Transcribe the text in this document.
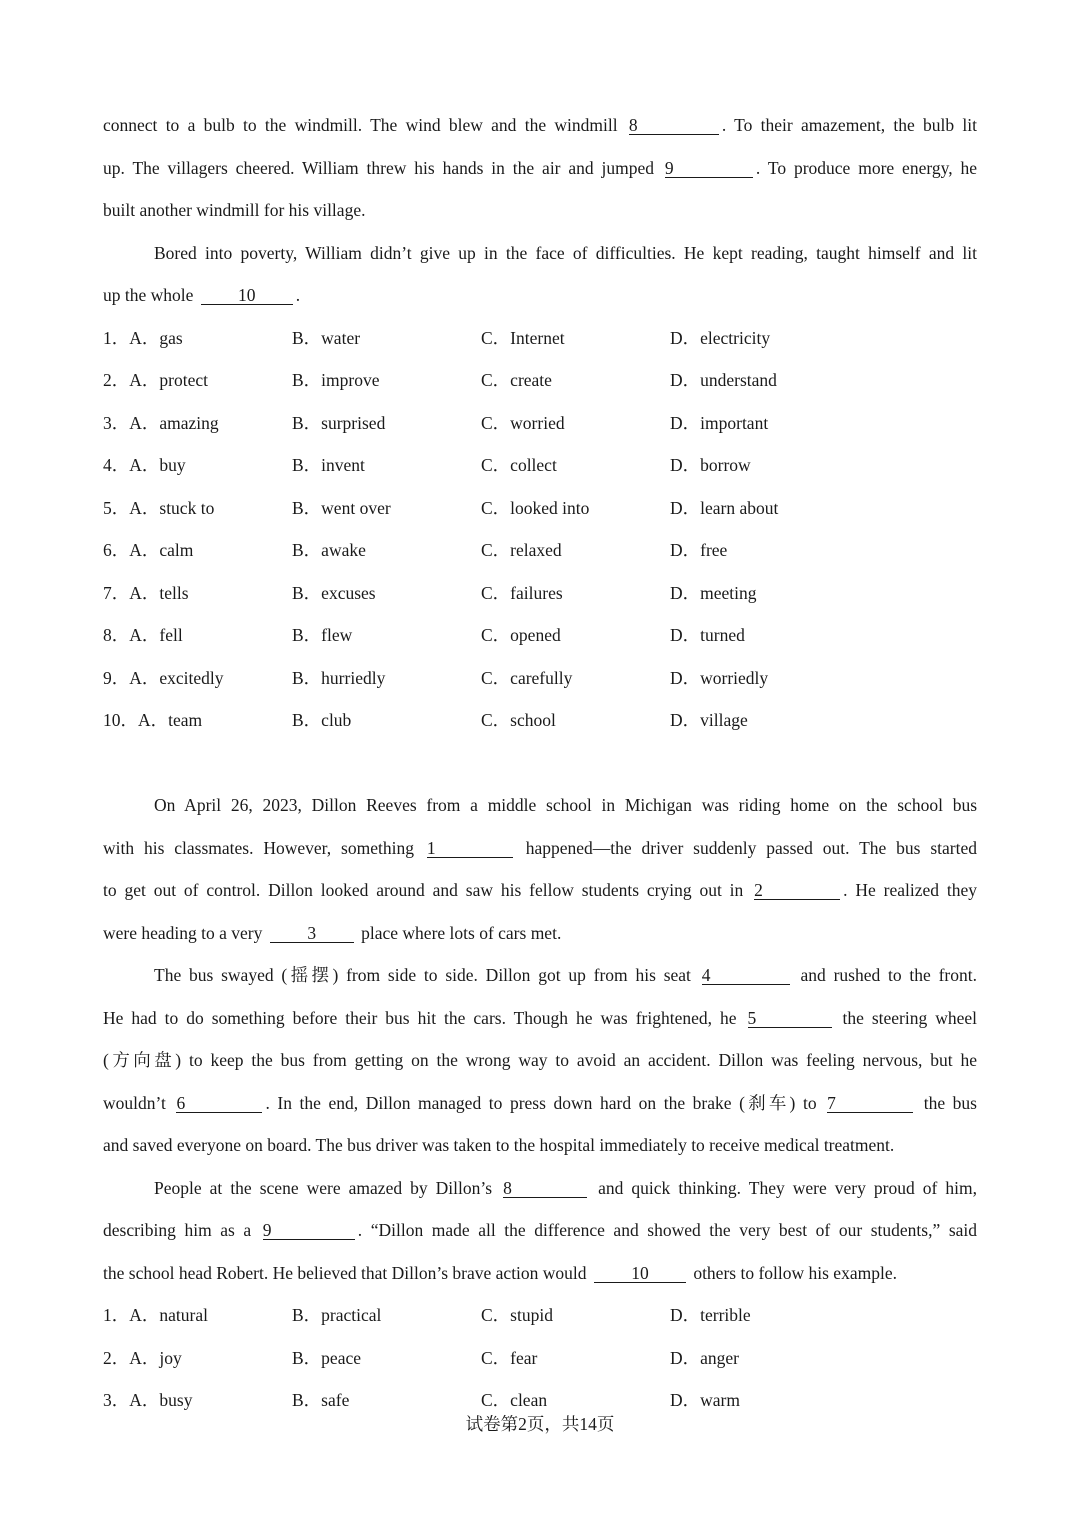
connect to a bulb to the windmill. The wind blew and the windmill 8	. To their amazement, the bulb lit
up. The villagers cheered. William threw his hands in the air and jumped 9	. To produce more energy, he
built another windmill for his village.
Bored into poverty, William didn’t give up in the face of difficulties. He kept reading, taught himself and lit
up the whole 10 .
1． A．gas	B．water	C．Internet	D．electricity
2． A．protect	B．improve	C．create	D．understand
3． A．amazing	B．surprised	C．worried	D．important
4． A．buy	B．invent	C．collect	D．borrow
5． A．stuck to	B．went over	C．looked into	D．learn about
6． A．calm	B．awake	C．relaxed	D．free
7． A．tells	B．excuses	C．failures	D．meeting
8． A．fell	B．flew	C．opened	D．turned
9． A．excitedly	B．hurriedly	C．carefully	D．worriedly
10． A．team	B．club	C．school	D．village
On April 26, 2023, Dillon Reeves from a middle school in Michigan was riding home on the school bus
with his classmates. However, something 1	happened—the driver suddenly passed out. The bus started
to get out of control. Dillon looked around and saw his fellow students crying out in 2	. He realized they
were heading to a very 3 place where lots of cars met.
The bus swayed (摇摆) from side to side. Dillon got up from his seat 4	and rushed to the front.
He had to do something before their bus hit the cars. Though he was frightened, he 5	the steering wheel
(方向盘) to keep the bus from getting on the wrong way to avoid an accident. Dillon was feeling nervous, but he
wouldn’t 6	. In the end, Dillon managed to press down hard on the brake (刹车) to 7	the bus
and saved everyone on board. The bus driver was taken to the hospital immediately to receive medical treatment.
People at the scene were amazed by Dillon’s 8	and quick thinking. They were very proud of him,
describing him as a 9	. “Dillon made all the difference and showed the very best of our students,” said
the school head Robert. He believed that Dillon’s brave action would 10 others to follow his example.
1． A．natural	B．practical	C．stupid	D．terrible
2． A．joy	B．peace	C．fear	D．anger
3． A．busy	B．safe	C．clean	D．warm
试卷第2页，共14页
